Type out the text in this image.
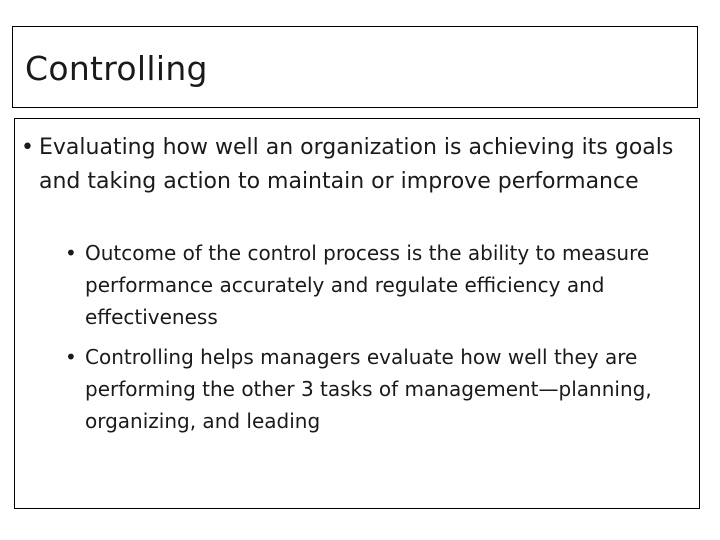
Controlling
• Evaluating how well an organization is achieving its goals and taking action to maintain or improve performance
• Outcome of the control process is the ability to measure performance accurately and regulate efficiency and effectiveness
• Controlling helps managers evaluate how well they are performing the other 3 tasks of management—planning, organizing, and leading
